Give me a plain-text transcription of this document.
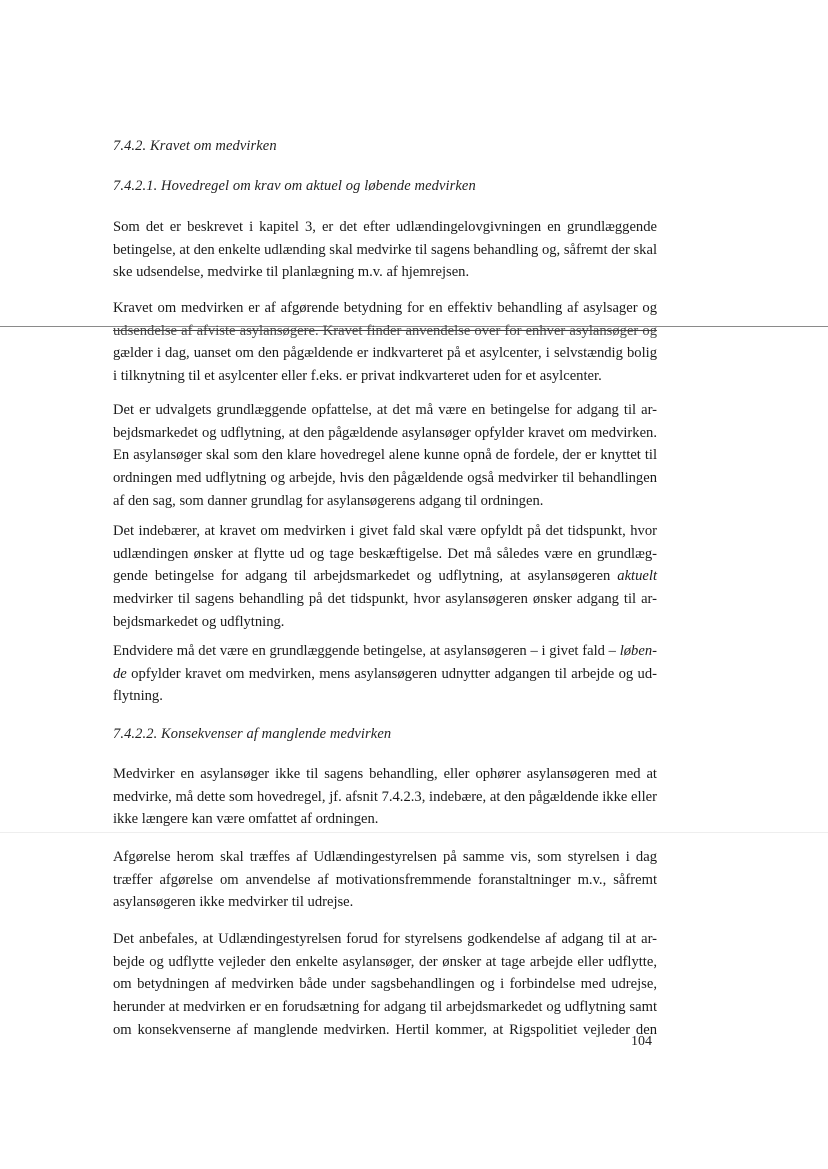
7.4.2. Kravet om medvirken
7.4.2.1. Hovedregel om krav om aktuel og løbende medvirken
Som det er beskrevet i kapitel 3, er det efter udlændingelovgivningen en grundlæggende
betingelse, at den enkelte udlænding skal medvirke til sagens behandling og, såfremt der skal
ske udsendelse, medvirke til planlægning m.v. af hjemrejsen.
Kravet om medvirken er af afgørende betydning for en effektiv behandling af asylsager og
udsendelse af afviste asylansøgere. Kravet finder anvendelse over for enhver asylansøger og
gælder i dag, uanset om den pågældende er indkvarteret på et asylcenter, i selvstændig bolig
i tilknytning til et asylcenter eller f.eks. er privat indkvarteret uden for et asylcenter.
Det er udvalgets grundlæggende opfattelse, at det må være en betingelse for adgang til ar-
bejdsmarkedet og udflytning, at den pågældende asylansøger opfylder kravet om medvirken.
En asylansøger skal som den klare hovedregel alene kunne opnå de fordele, der er knyttet til
ordningen med udflytning og arbejde, hvis den pågældende også medvirker til behandlingen
af den sag, som danner grundlag for asylansøgerens adgang til ordningen.
Det indebærer, at kravet om medvirken i givet fald skal være opfyldt på det tidspunkt, hvor
udlændingen ønsker at flytte ud og tage beskæftigelse. Det må således være en grundlæg-
gende betingelse for adgang til arbejdsmarkedet og udflytning, at asylansøgeren aktuelt
medvirker til sagens behandling på det tidspunkt, hvor asylansøgeren ønsker adgang til ar-
bejdsmarkedet og udflytning.
Endvidere må det være en grundlæggende betingelse, at asylansøgeren – i givet fald – løben-
de opfylder kravet om medvirken, mens asylansøgeren udnytter adgangen til arbejde og ud-
flytning.
7.4.2.2. Konsekvenser af manglende medvirken
Medvirker en asylansøger ikke til sagens behandling, eller ophører asylansøgeren med at
medvirke, må dette som hovedregel, jf. afsnit 7.4.2.3, indebære, at den pågældende ikke eller
ikke længere kan være omfattet af ordningen.
Afgørelse herom skal træffes af Udlændingestyrelsen på samme vis, som styrelsen i dag
træffer afgørelse om anvendelse af motivationsfremmende foranstaltninger m.v., såfremt
asylansøgeren ikke medvirker til udrejse.
Det anbefales, at Udlændingestyrelsen forud for styrelsens godkendelse af adgang til at ar-
bejde og udflytte vejleder den enkelte asylansøger, der ønsker at tage arbejde eller udflytte,
om betydningen af medvirken både under sagsbehandlingen og i forbindelse med udrejse,
herunder at medvirken er en forudsætning for adgang til arbejdsmarkedet og udflytning samt
om konsekvenserne af manglende medvirken. Hertil kommer, at Rigspolitiet vejleder den
104
